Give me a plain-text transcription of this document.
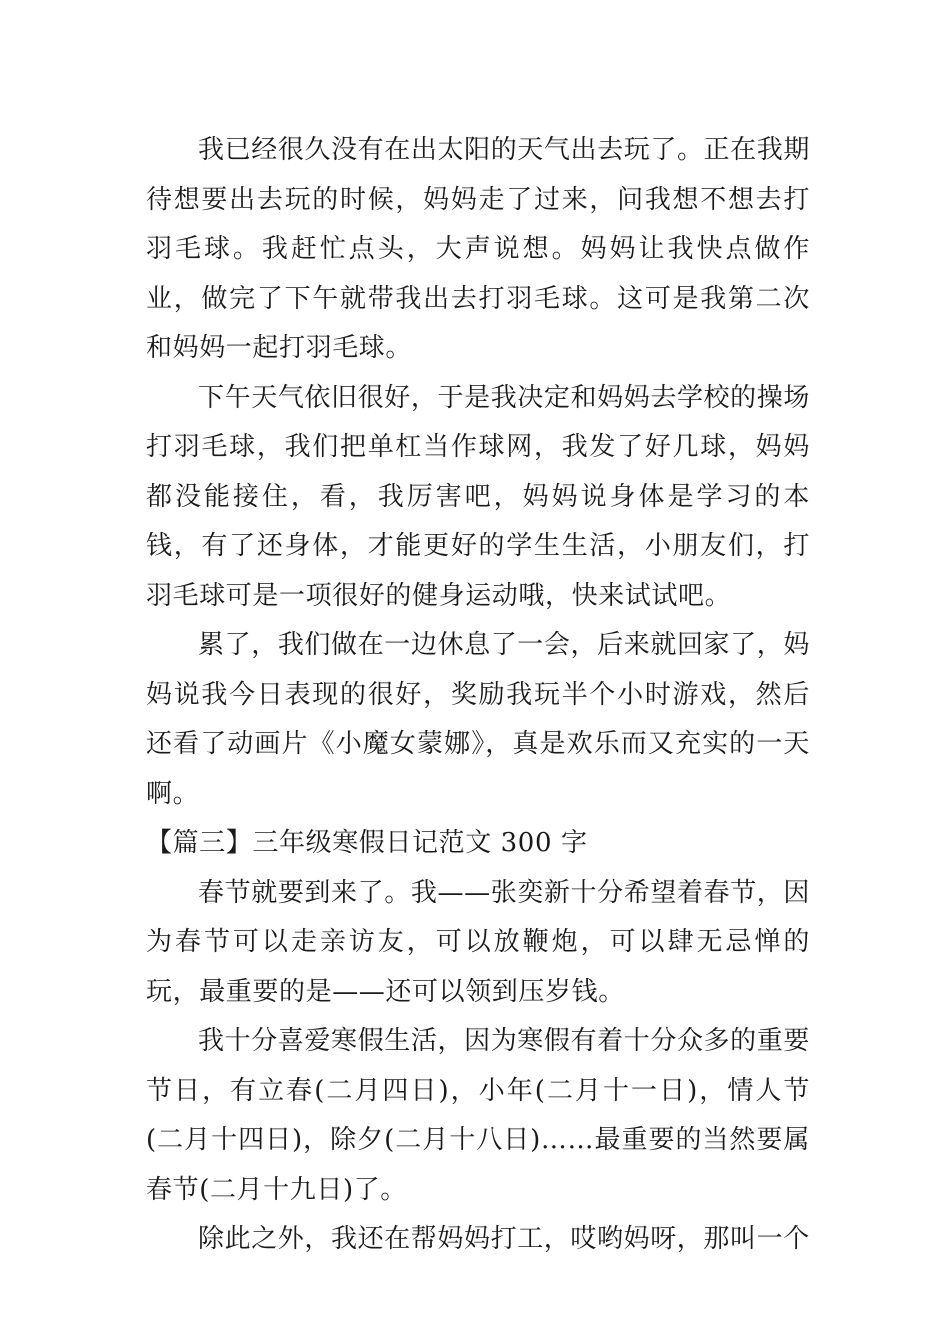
我已经很久没有在出太阳的天气出去玩了。正在我期待想要出去玩的时候，妈妈走了过来，问我想不想去打羽毛球。我赶忙点头，大声说想。妈妈让我快点做作业，做完了下午就带我出去打羽毛球。这可是我第二次和妈妈一起打羽毛球。

下午天气依旧很好，于是我决定和妈妈去学校的操场打羽毛球，我们把单杠当作球网，我发了好几球，妈妈都没能接住，看，我厉害吧，妈妈说身体是学习的本钱，有了还身体，才能更好的学生生活，小朋友们，打羽毛球可是一项很好的健身运动哦，快来试试吧。

累了，我们做在一边休息了一会，后来就回家了，妈妈说我今日表现的很好，奖励我玩半个小时游戏，然后还看了动画片《小魔女蒙娜》，真是欢乐而又充实的一天啊。

【篇三】三年级寒假日记范文 300 字

春节就要到来了。我——张奕新十分希望着春节，因为春节可以走亲访友，可以放鞭炮，可以肆无忌惮的玩，最重要的是——还可以领到压岁钱。

我十分喜爱寒假生活，因为寒假有着十分众多的重要节日，有立春(二月四日)，小年(二月十一日)，情人节(二月十四日)，除夕(二月十八日)……最重要的当然要属春节(二月十九日)了。

除此之外，我还在帮妈妈打工，哎哟妈呀，那叫一个
